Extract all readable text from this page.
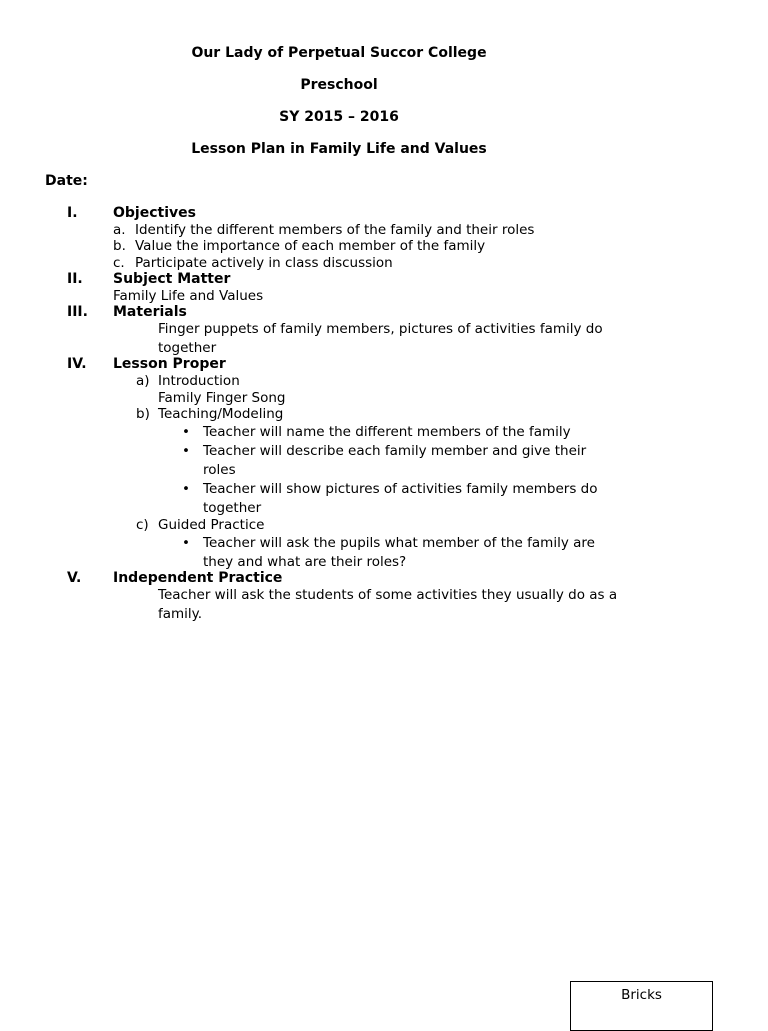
Our Lady of Perpetual Succor College
Preschool
SY 2015 – 2016
Lesson Plan in Family Life and Values
Date:
I.	Objectives
a. Identify the different members of the family and their roles
b. Value the importance of each member of the family
c. Participate actively in class discussion
II. Subject Matter
Family Life and Values
III. Materials
Finger puppets of family members, pictures of activities family do
together
IV. Lesson Proper
a) Introduction
Family Finger Song
b) Teaching/Modeling
• Teacher will name the different members of the family
• Teacher will describe each family member and give their
roles
• Teacher will show pictures of activities family members do
together
c) Guided Practice
• Teacher will ask the pupils what member of the family are
they and what are their roles?
V. Independent Practice
Teacher will ask the students of some activities they usually do as a
family.
Bricks
